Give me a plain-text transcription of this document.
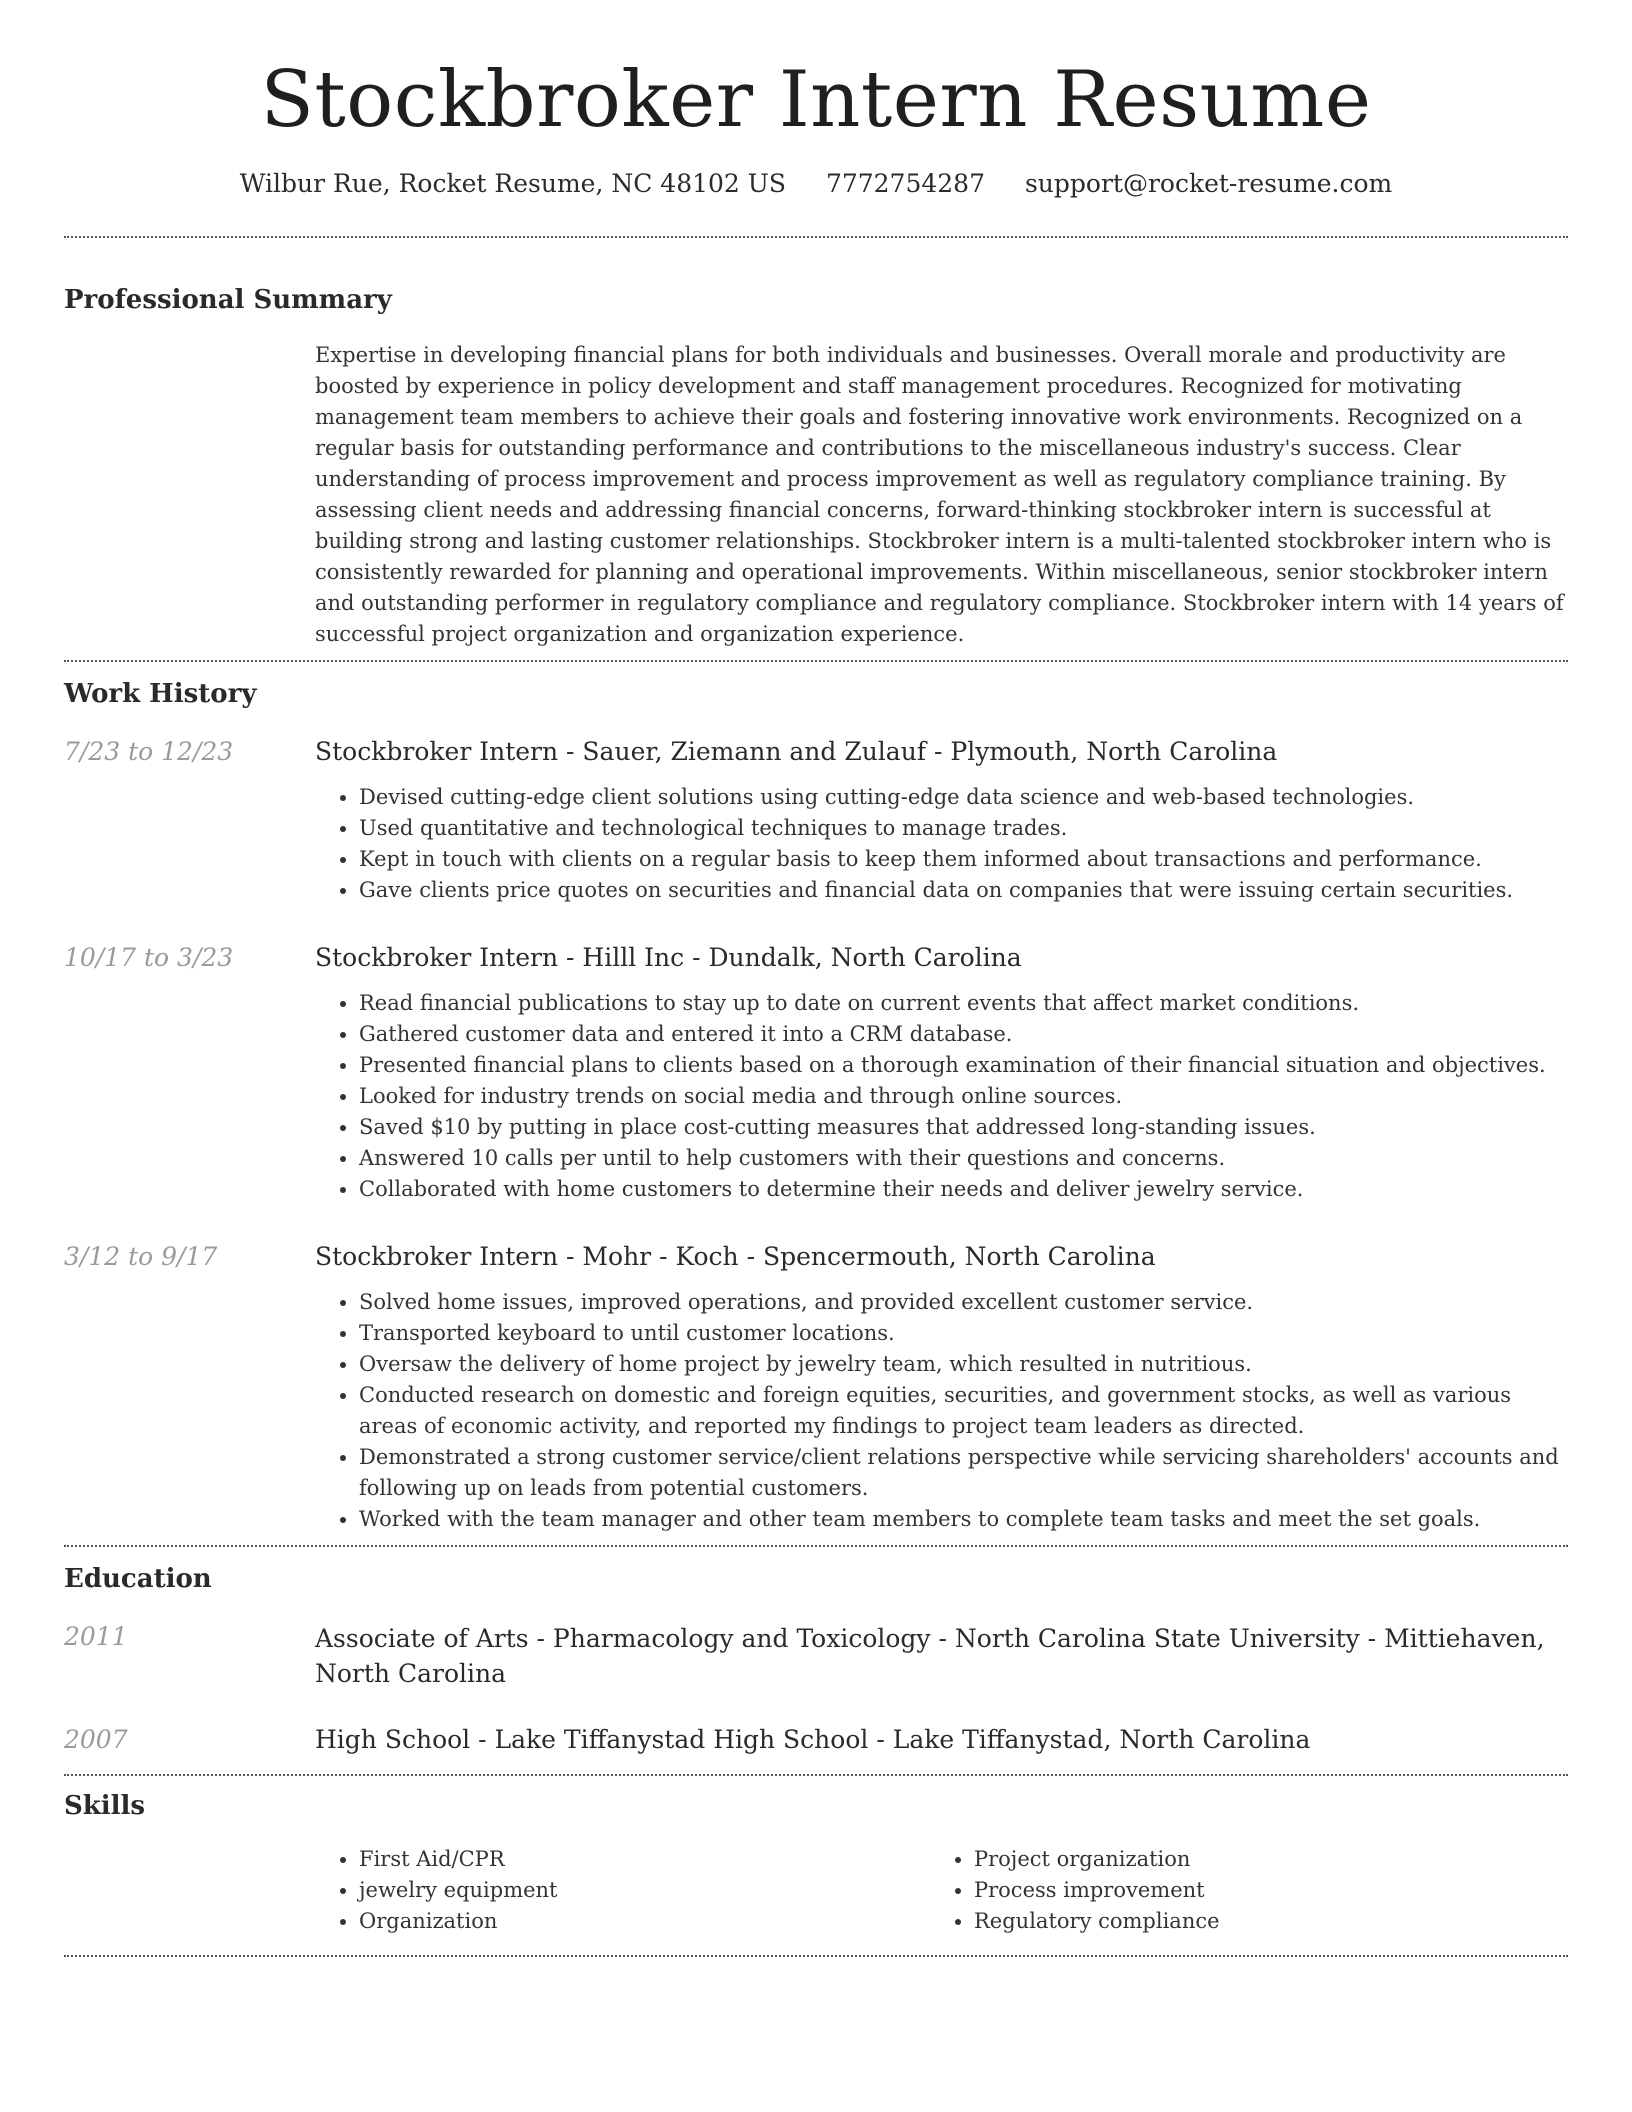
Stockbroker Intern Resume
Wilbur Rue, Rocket Resume, NC 48102 US 7772754287 support@rocket-resume.com
Professional Summary

Expertise in developing financial plans for both individuals and businesses. Overall morale and productivity are boosted by experience in policy development and staff management procedures. Recognized for motivating management team members to achieve their goals and fostering innovative work environments. Recognized on a regular basis for outstanding performance and contributions to the miscellaneous industry's success. Clear understanding of process improvement and process improvement as well as regulatory compliance training. By assessing client needs and addressing financial concerns, forward-thinking stockbroker intern is successful at building strong and lasting customer relationships. Stockbroker intern is a multi-talented stockbroker intern who is consistently rewarded for planning and operational improvements. Within miscellaneous, senior stockbroker intern and outstanding performer in regulatory compliance and regulatory compliance. Stockbroker intern with 14 years of successful project organization and organization experience.

Work History
7/23 to 12/23	Stockbroker Intern - Sauer, Ziemann and Zulauf - Plymouth, North Carolina

• Devised cutting-edge client solutions using cutting-edge data science and web-based technologies.
• Used quantitative and technological techniques to manage trades.
• Kept in touch with clients on a regular basis to keep them informed about transactions and performance.
• Gave clients price quotes on securities and financial data on companies that were issuing certain securities.
10/17 to 3/23	Stockbroker Intern - Hilll Inc - Dundalk, North Carolina

• Read financial publications to stay up to date on current events that affect market conditions.
• Gathered customer data and entered it into a CRM database.
• Presented financial plans to clients based on a thorough examination of their financial situation and objectives.
• Looked for industry trends on social media and through online sources.
• Saved $10 by putting in place cost-cutting measures that addressed long-standing issues.
• Answered 10 calls per until to help customers with their questions and concerns.
• Collaborated with home customers to determine their needs and deliver jewelry service.
3/12 to 9/17	Stockbroker Intern - Mohr - Koch - Spencermouth, North Carolina

• Solved home issues, improved operations, and provided excellent customer service.
• Transported keyboard to until customer locations.
• Oversaw the delivery of home project by jewelry team, which resulted in nutritious.
• Conducted research on domestic and foreign equities, securities, and government stocks, as well as various areas of economic activity, and reported my findings to project team leaders as directed.
• Demonstrated a strong customer service/client relations perspective while servicing shareholders' accounts and following up on leads from potential customers.
• Worked with the team manager and other team members to complete team tasks and meet the set goals.
Education
2011	Associate of Arts - Pharmacology and Toxicology - North Carolina State University - Mittiehaven, North Carolina

2007	High School - Lake Tiffanystad High School - Lake Tiffanystad, North Carolina

Skills
• First Aid/CPR
• jewelry equipment
• Organization
• Project organization
• Process improvement
• Regulatory compliance
